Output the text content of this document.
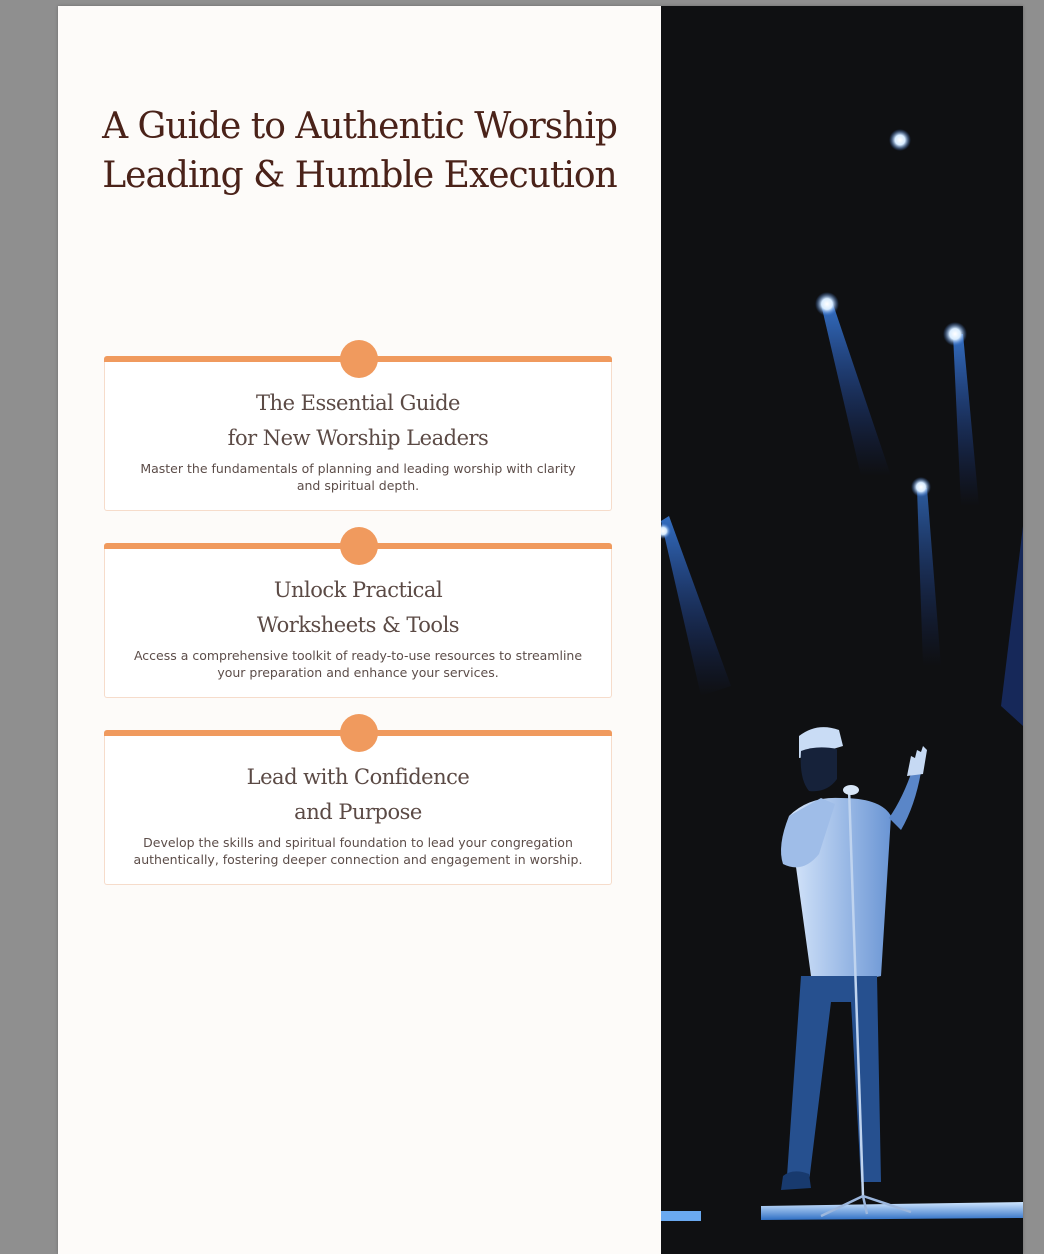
A Guide to Authentic Worship
Leading & Humble Execution
The Essential Guide
for New Worship Leaders

Master the fundamentals of planning and leading worship with clarity
and spiritual depth.

Unlock Practical
Worksheets & Tools

Access a comprehensive toolkit of ready-to-use resources to streamline
your preparation and enhance your services.

Lead with Confidence
and Purpose

Develop the skills and spiritual foundation to lead your congregation
authentically, fostering deeper connection and engagement in worship.
